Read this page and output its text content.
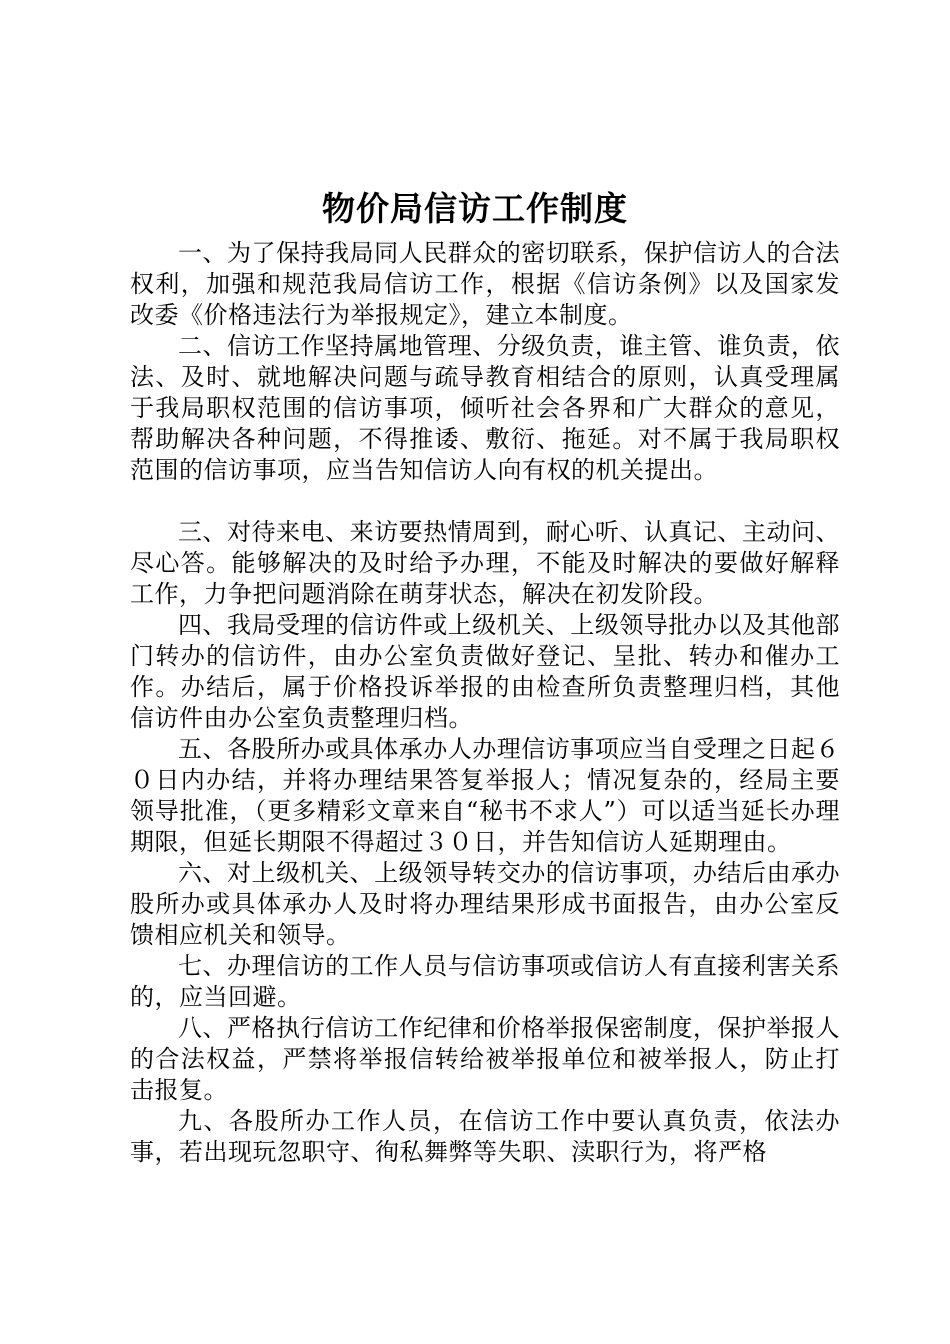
物价局信访工作制度

一、为了保持我局同人民群众的密切联系，保护信访人的合法权利，加强和规范我局信访工作，根据《信访条例》以及国家发改委《价格违法行为举报规定》，建立本制度。

二、信访工作坚持属地管理、分级负责，谁主管、谁负责，依法、及时、就地解决问题与疏导教育相结合的原则，认真受理属于我局职权范围的信访事项，倾听社会各界和广大群众的意见，帮助解决各种问题，不得推诿、敷衍、拖延。对不属于我局职权范围的信访事项，应当告知信访人向有权的机关提出。

三、对待来电、来访要热情周到，耐心听、认真记、主动问、尽心答。能够解决的及时给予办理，不能及时解决的要做好解释工作，力争把问题消除在萌芽状态，解决在初发阶段。

四、我局受理的信访件或上级机关、上级领导批办以及其他部门转办的信访件，由办公室负责做好登记、呈批、转办和催办工作。办结后，属于价格投诉举报的由检查所负责整理归档，其他信访件由办公室负责整理归档。

五、各股所办或具体承办人办理信访事项应当自受理之日起６０日内办结，并将办理结果答复举报人；情况复杂的，经局主要领导批准，（更多精彩文章来自“秘书不求人”）可以适当延长办理期限，但延长期限不得超过３０日，并告知信访人延期理由。

六、对上级机关、上级领导转交办的信访事项，办结后由承办股所办或具体承办人及时将办理结果形成书面报告，由办公室反馈相应机关和领导。

七、办理信访的工作人员与信访事项或信访人有直接利害关系的，应当回避。

八、严格执行信访工作纪律和价格举报保密制度，保护举报人的合法权益，严禁将举报信转给被举报单位和被举报人，防止打击报复。

九、各股所办工作人员，在信访工作中要认真负责，依法办事，若出现玩忽职守、徇私舞弊等失职、渎职行为，将严格
